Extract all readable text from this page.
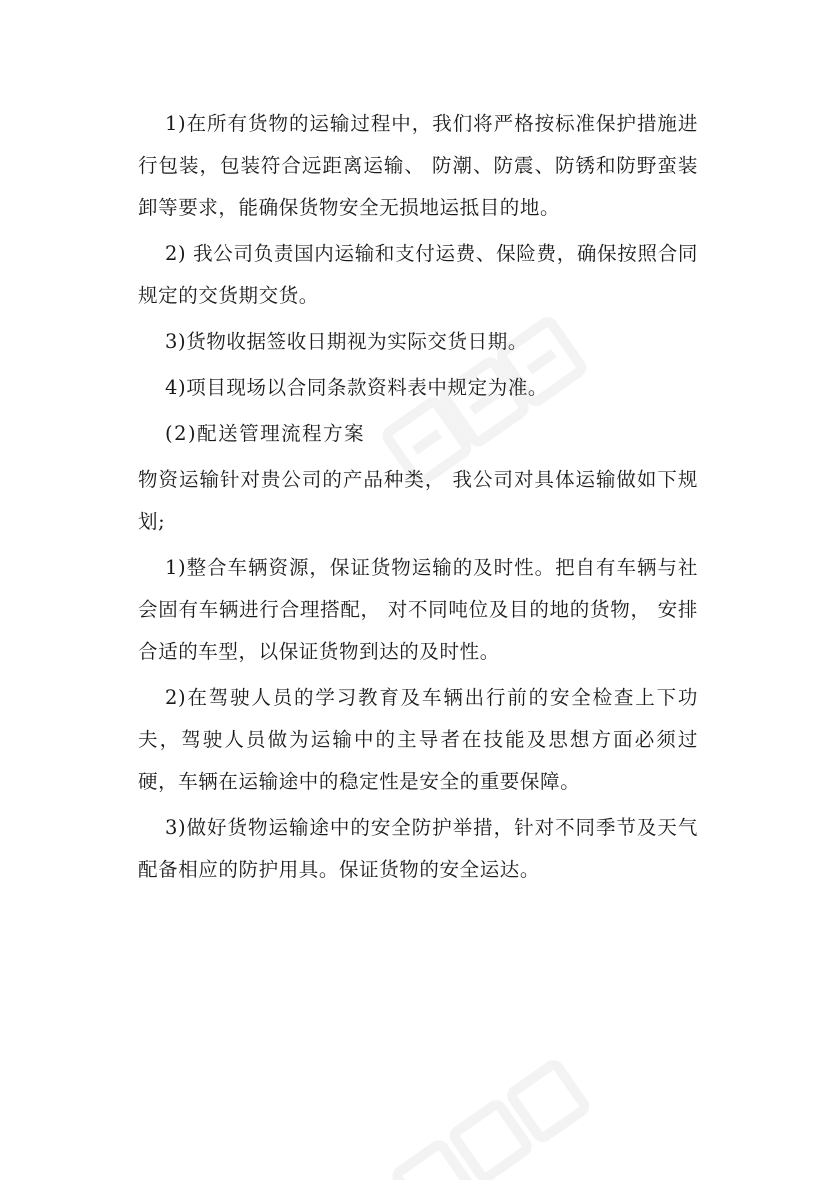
1)在所有货物的运输过程中，我们将严格按标准保护措施进行包装，包装符合远距离运输、 防潮、防震、防锈和防野蛮装卸等要求，能确保货物安全无损地运抵目的地。

2) 我公司负责国内运输和支付运费、保险费，确保按照合同规定的交货期交货。

3)货物收据签收日期视为实际交货日期。

4)项目现场以合同条款资料表中规定为准。

(2)配送管理流程方案

物资运输针对贵公司的产品种类， 我公司对具体运输做如下规划;

1)整合车辆资源，保证货物运输的及时性。把自有车辆与社会固有车辆进行合理搭配， 对不同吨位及目的地的货物， 安排合适的车型，以保证货物到达的及时性。

2)在驾驶人员的学习教育及车辆出行前的安全检查上下功夫，驾驶人员做为运输中的主导者在技能及思想方面必须过硬，车辆在运输途中的稳定性是安全的重要保障。

3)做好货物运输途中的安全防护举措，针对不同季节及天气配备相应的防护用具。保证货物的安全运达。
